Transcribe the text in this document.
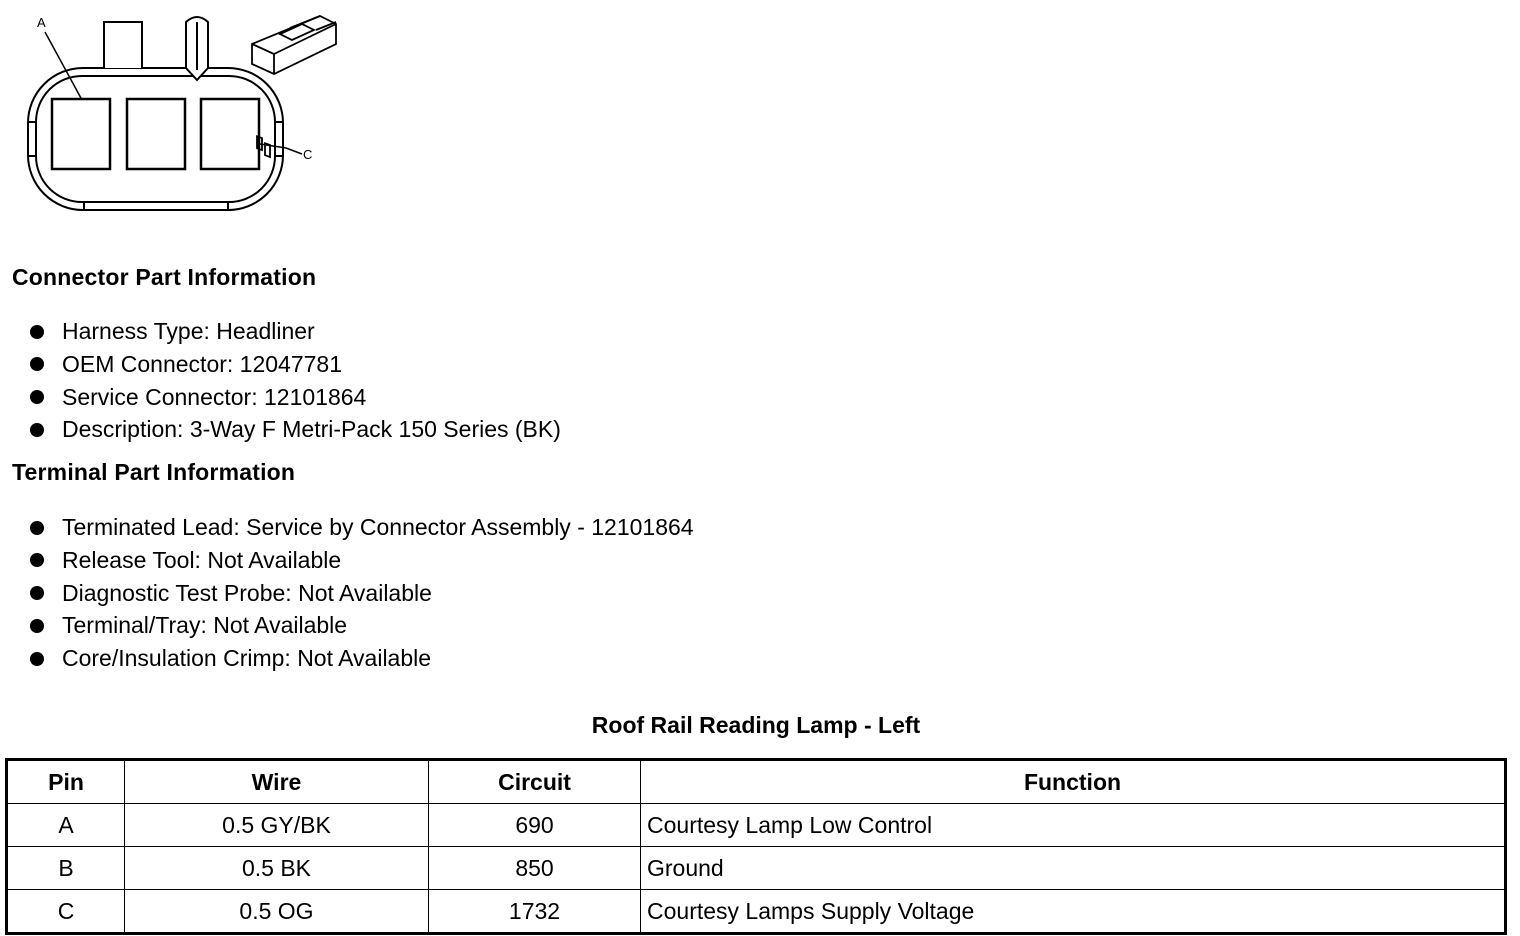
A
C
Connector Part Information
Harness Type: Headliner
OEM Connector: 12047781
Service Connector: 12101864
Description: 3-Way F Metri-Pack 150 Series (BK)
Terminal Part Information
Terminated Lead: Service by Connector Assembly - 12101864
Release Tool: Not Available
Diagnostic Test Probe: Not Available
Terminal/Tray: Not Available
Core/Insulation Crimp: Not Available
Roof Rail Reading Lamp - Left
Pin	Wire	Circuit	Function
A	0.5 GY/BK	690	Courtesy Lamp Low Control
B	0.5 BK	850	Ground
C	0.5 OG	1732	Courtesy Lamps Supply Voltage
